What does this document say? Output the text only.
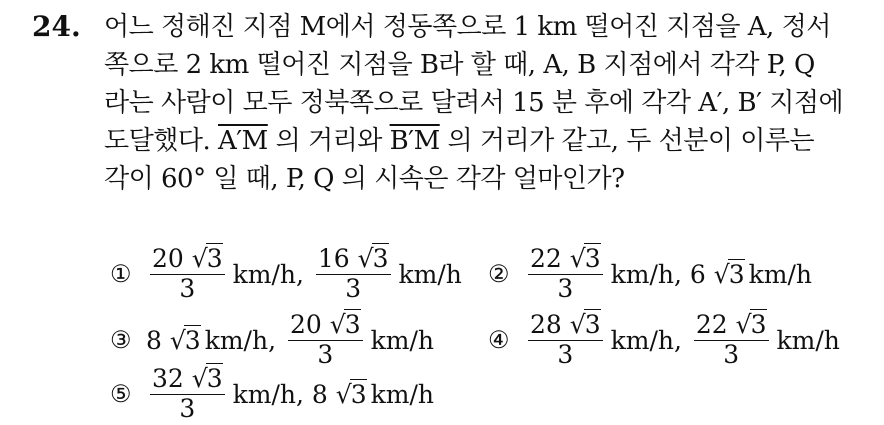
24. 어느 정해진 지점 M에서 정동쪽으로 1 km 떨어진 지점을 A, 정서
쪽으로 2 km 떨어진 지점을 B라 할 때, A, B 지점에서 각각 P, Q
라는 사람이 모두 정북쪽으로 달려서 15 분 후에 각각 A′, B′ 지점에
도달했다. A′M 의 거리와 B′M 의 거리가 같고, 두 선분이 이루는
각이 60° 일 때, P, Q 의 시속은 각각 얼마인가?
① $\frac{20 √3}{3} km/h$ ,
$\frac{16 √3}{3} km/h$ ② $\frac{22 √3}{3} km/h$ ,
6
√ 3 km/h
③ 8
√ 3 km/h ,
$\frac{20 √3}{3} km/h$ ④ $\frac{28 √3}{3} km/h$ ,
$\frac{22 √3}{3} km/h$
⑤ $\frac{32 √3}{3} km/h$ ,
8
√ 3 km/h
